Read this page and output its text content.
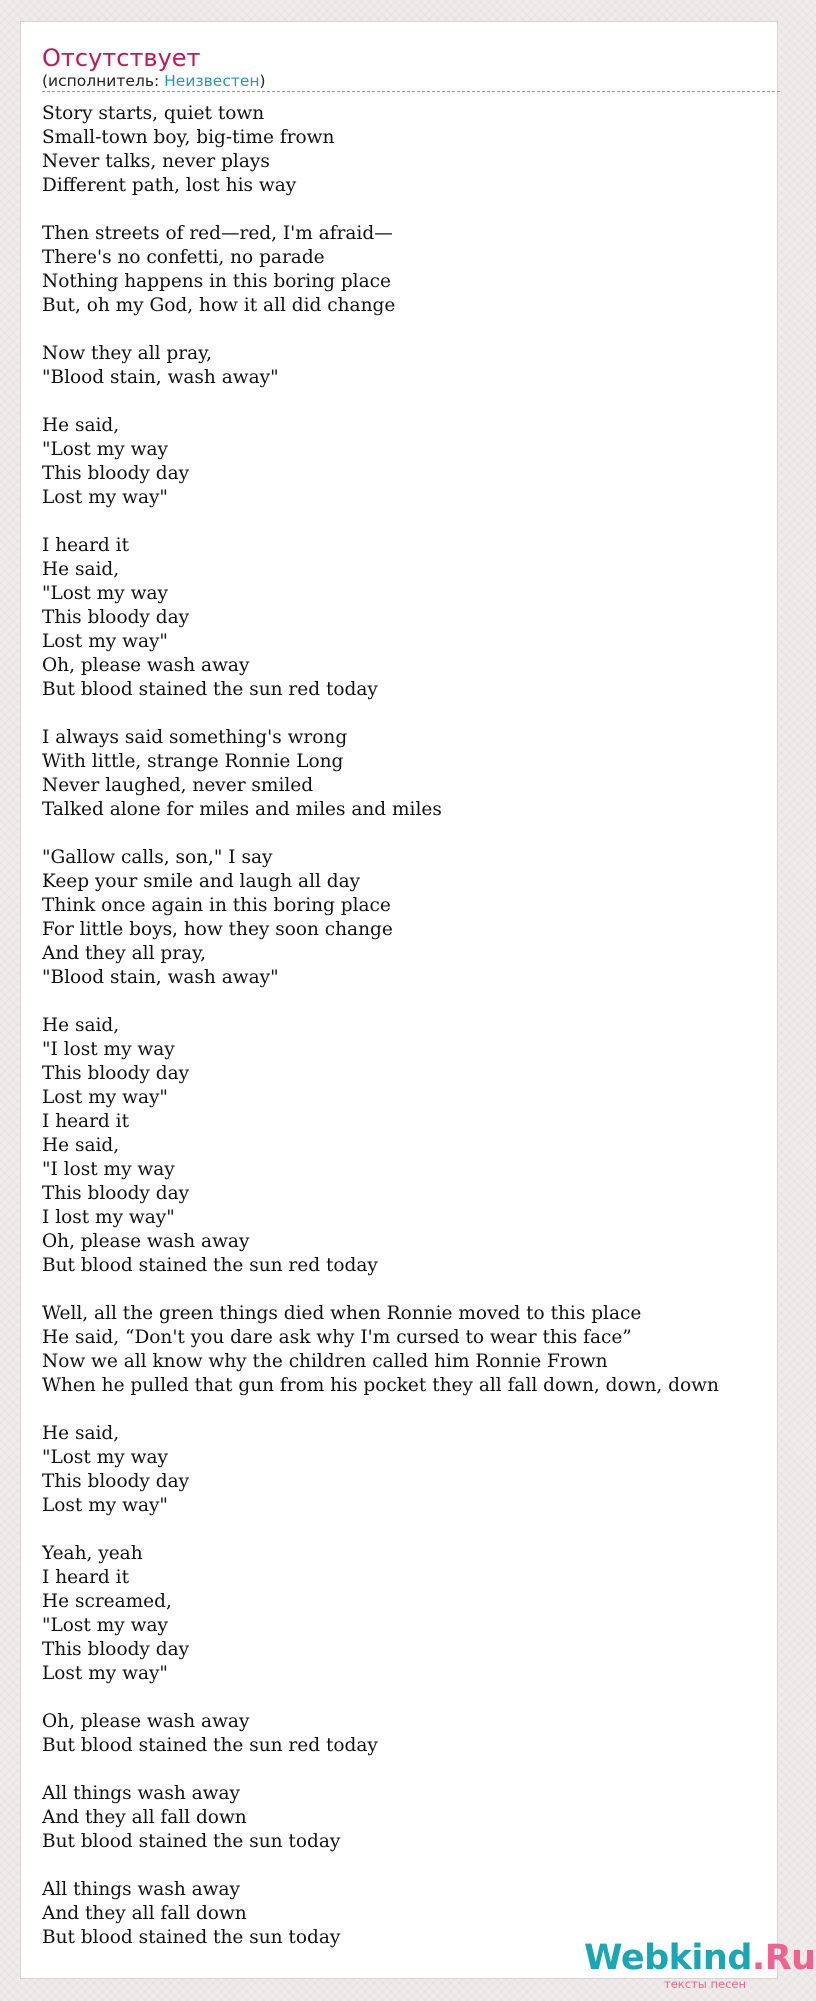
Отсутствует
(исполнитель: Неизвестен)
Story starts, quiet town
Small-town boy, big-time frown
Never talks, never plays
Different path, lost his way
Then streets of red—red, I'm afraid—
There's no confetti, no parade
Nothing happens in this boring place
But, oh my God, how it all did change
Now they all pray,
"Blood stain, wash away"
He said,
"Lost my way
This bloody day
Lost my way"
I heard it
He said,
"Lost my way
This bloody day
Lost my way"
Oh, please wash away
But blood stained the sun red today
I always said something's wrong
With little, strange Ronnie Long
Never laughed, never smiled
Talked alone for miles and miles and miles
"Gallow calls, son," I say
Keep your smile and laugh all day
Think once again in this boring place
For little boys, how they soon change
And they all pray,
"Blood stain, wash away"
He said,
"I lost my way
This bloody day
Lost my way"
I heard it
He said,
"I lost my way
This bloody day
I lost my way"
Oh, please wash away
But blood stained the sun red today
Well, all the green things died when Ronnie moved to this place
He said, “Don't you dare ask why I'm cursed to wear this face”
Now we all know why the children called him Ronnie Frown
When he pulled that gun from his pocket they all fall down, down, down
He said,
"Lost my way
This bloody day
Lost my way"
Yeah, yeah
I heard it
He screamed,
"Lost my way
This bloody day
Lost my way"
Oh, please wash away
But blood stained the sun red today
All things wash away
And they all fall down
But blood stained the sun today
All things wash away
And they all fall down
But blood stained the sun today
Webkind.Ru
тексты песен
